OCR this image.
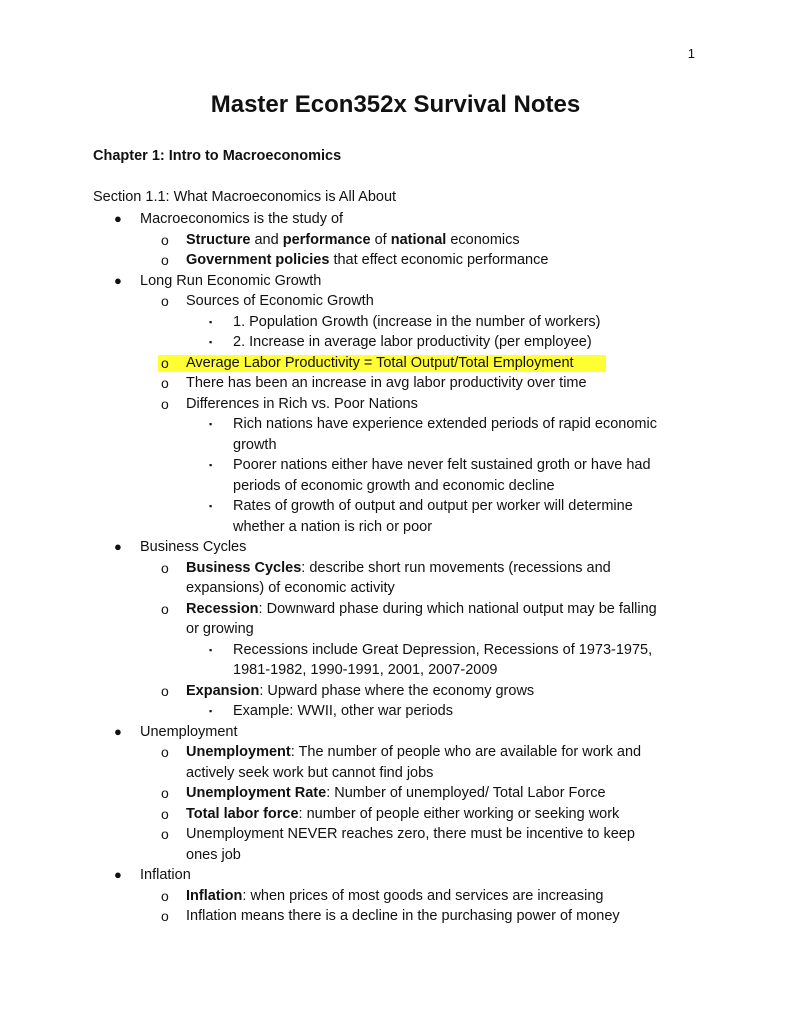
1
Master Econ352x Survival Notes
Chapter 1: Intro to Macroeconomics
Section 1.1: What Macroeconomics is All About
● Macroeconomics is the study of
o Structure and performance of national economics
o Government policies that effect economic performance
● Long Run Economic Growth
o Sources of Economic Growth
▪ 1. Population Growth (increase in the number of workers)
▪ 2. Increase in average labor productivity (per employee)
o Average Labor Productivity = Total Output/Total Employment
o There has been an increase in avg labor productivity over time
o Differences in Rich vs. Poor Nations
▪ Rich nations have experience extended periods of rapid economic
growth
▪ Poorer nations either have never felt sustained groth or have had
periods of economic growth and economic decline
▪ Rates of growth of output and output per worker will determine
whether a nation is rich or poor
● Business Cycles
o Business Cycles: describe short run movements (recessions and
expansions) of economic activity
o Recession: Downward phase during which national output may be falling
or growing
▪ Recessions include Great Depression, Recessions of 1973-1975,
1981-1982, 1990-1991, 2001, 2007-2009
o Expansion: Upward phase where the economy grows
▪ Example: WWII, other war periods
● Unemployment
o Unemployment: The number of people who are available for work and
actively seek work but cannot find jobs
o Unemployment Rate: Number of unemployed/ Total Labor Force
o Total labor force: number of people either working or seeking work
o Unemployment NEVER reaches zero, there must be incentive to keep
ones job
● Inflation
o Inflation: when prices of most goods and services are increasing
o Inflation means there is a decline in the purchasing power of money
